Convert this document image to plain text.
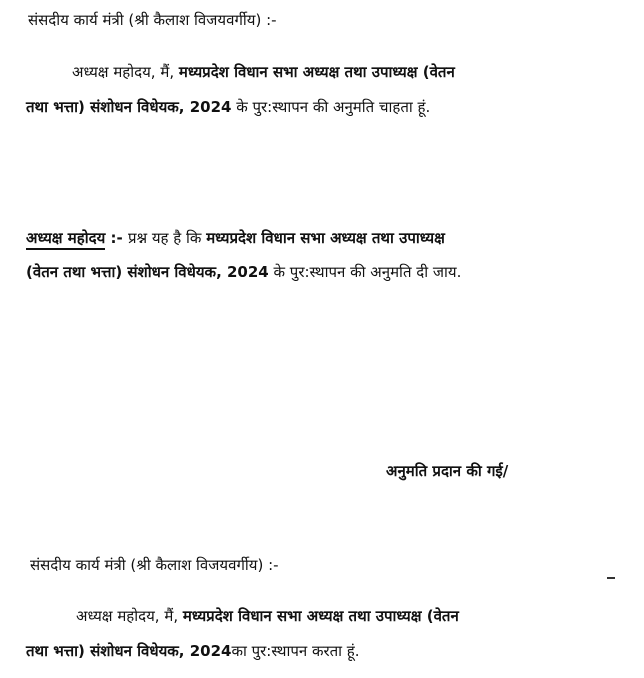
संसदीय कार्य मंत्री (श्री कैलाश विजयवर्गीय) :-

अध्यक्ष महोदय, मैं, मध्यप्रदेश विधान सभा अध्यक्ष तथा उपाध्यक्ष (वेतन

तथा भत्ता) संशोधन विधेयक, 2024 के पुर:स्थापन की अनुमति चाहता हूं.

अध्यक्ष महोदय :- प्रश्न यह है कि मध्यप्रदेश विधान सभा अध्यक्ष तथा उपाध्यक्ष

(वेतन तथा भत्ता) संशोधन विधेयक, 2024 के पुर:स्थापन की अनुमति दी जाय.

अनुमति प्रदान की गई/

संसदीय कार्य मंत्री (श्री कैलाश विजयवर्गीय) :-

अध्यक्ष महोदय, मैं, मध्यप्रदेश विधान सभा अध्यक्ष तथा उपाध्यक्ष (वेतन

तथा भत्ता) संशोधन विधेयक, 2024का पुर:स्थापन करता हूं.
